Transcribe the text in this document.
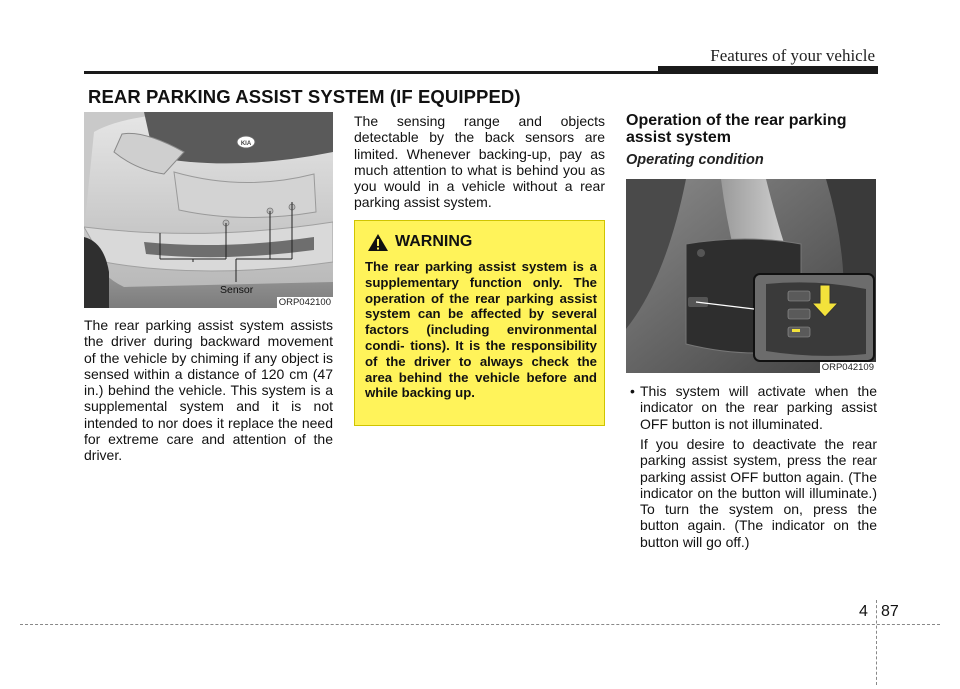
Features of your vehicle
REAR PARKING ASSIST SYSTEM (IF EQUIPPED)
KIA
Sensor
ORP042100
The rear parking assist system assists the driver during backward movement of the vehicle by chiming if any object is sensed within a distance of 120 cm (47 in.) behind the vehicle. This system is a supplemental system and it is not intended to nor does it replace the need for extreme care and attention of the driver.
The sensing range and objects detectable by the back sensors are limited. Whenever backing-up, pay as much attention to what is behind you as you would in a vehicle without a rear parking assist system.
WARNING
The rear parking assist system is a supplementary function only. The operation of the rear parking assist system can be affected by several factors (including environmental condi- tions). It is the responsibility of the driver to always check the area behind the vehicle before and while backing up.
Operation of the rear parking assist system
Operating condition
ORP042109
• This system will activate when the indicator on the rear parking assist OFF button is not illuminated.
If you desire to deactivate the rear parking assist system, press the rear parking assist OFF button again. (The indicator on the button will illuminate.) To turn the system on, press the button again. (The indicator on the button will go off.)
4 87
